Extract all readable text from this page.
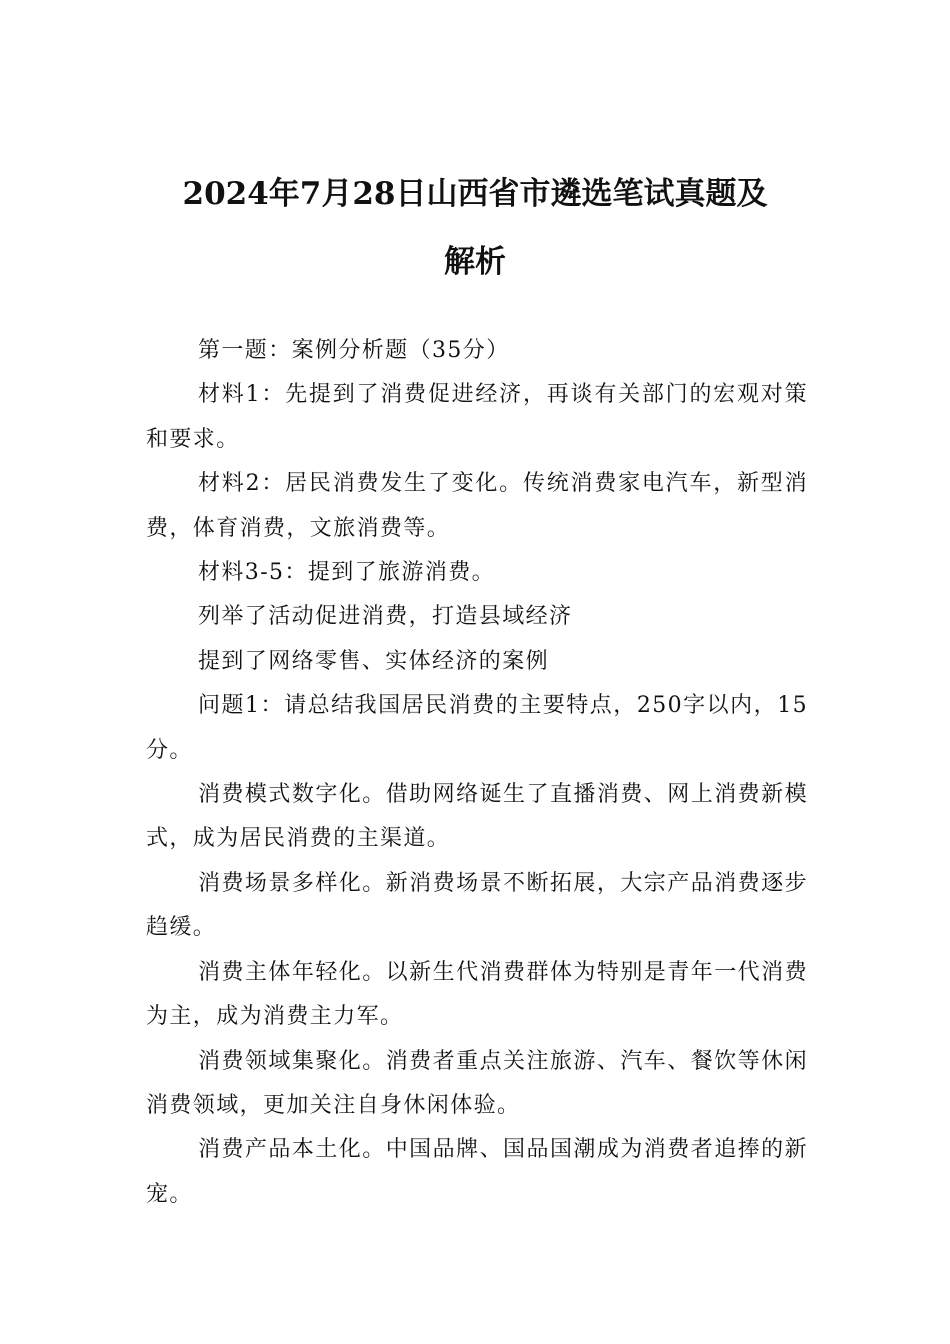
2024年7月28日山西省市遴选笔试真题及
解析

第一题：案例分析题（35分）

材料1：先提到了消费促进经济，再谈有关部门的宏观对策和要求。

材料2：居民消费发生了变化。传统消费家电汽车，新型消费，体育消费，文旅消费等。

材料3-5：提到了旅游消费。

列举了活动促进消费，打造县域经济

提到了网络零售、实体经济的案例

问题1：请总结我国居民消费的主要特点，250字以内，15分。

消费模式数字化。借助网络诞生了直播消费、网上消费新模式，成为居民消费的主渠道。

消费场景多样化。新消费场景不断拓展，大宗产品消费逐步趋缓。

消费主体年轻化。以新生代消费群体为特别是青年一代消费为主，成为消费主力军。

消费领域集聚化。消费者重点关注旅游、汽车、餐饮等休闲消费领域，更加关注自身休闲体验。

消费产品本土化。中国品牌、国品国潮成为消费者追捧的新宠。
